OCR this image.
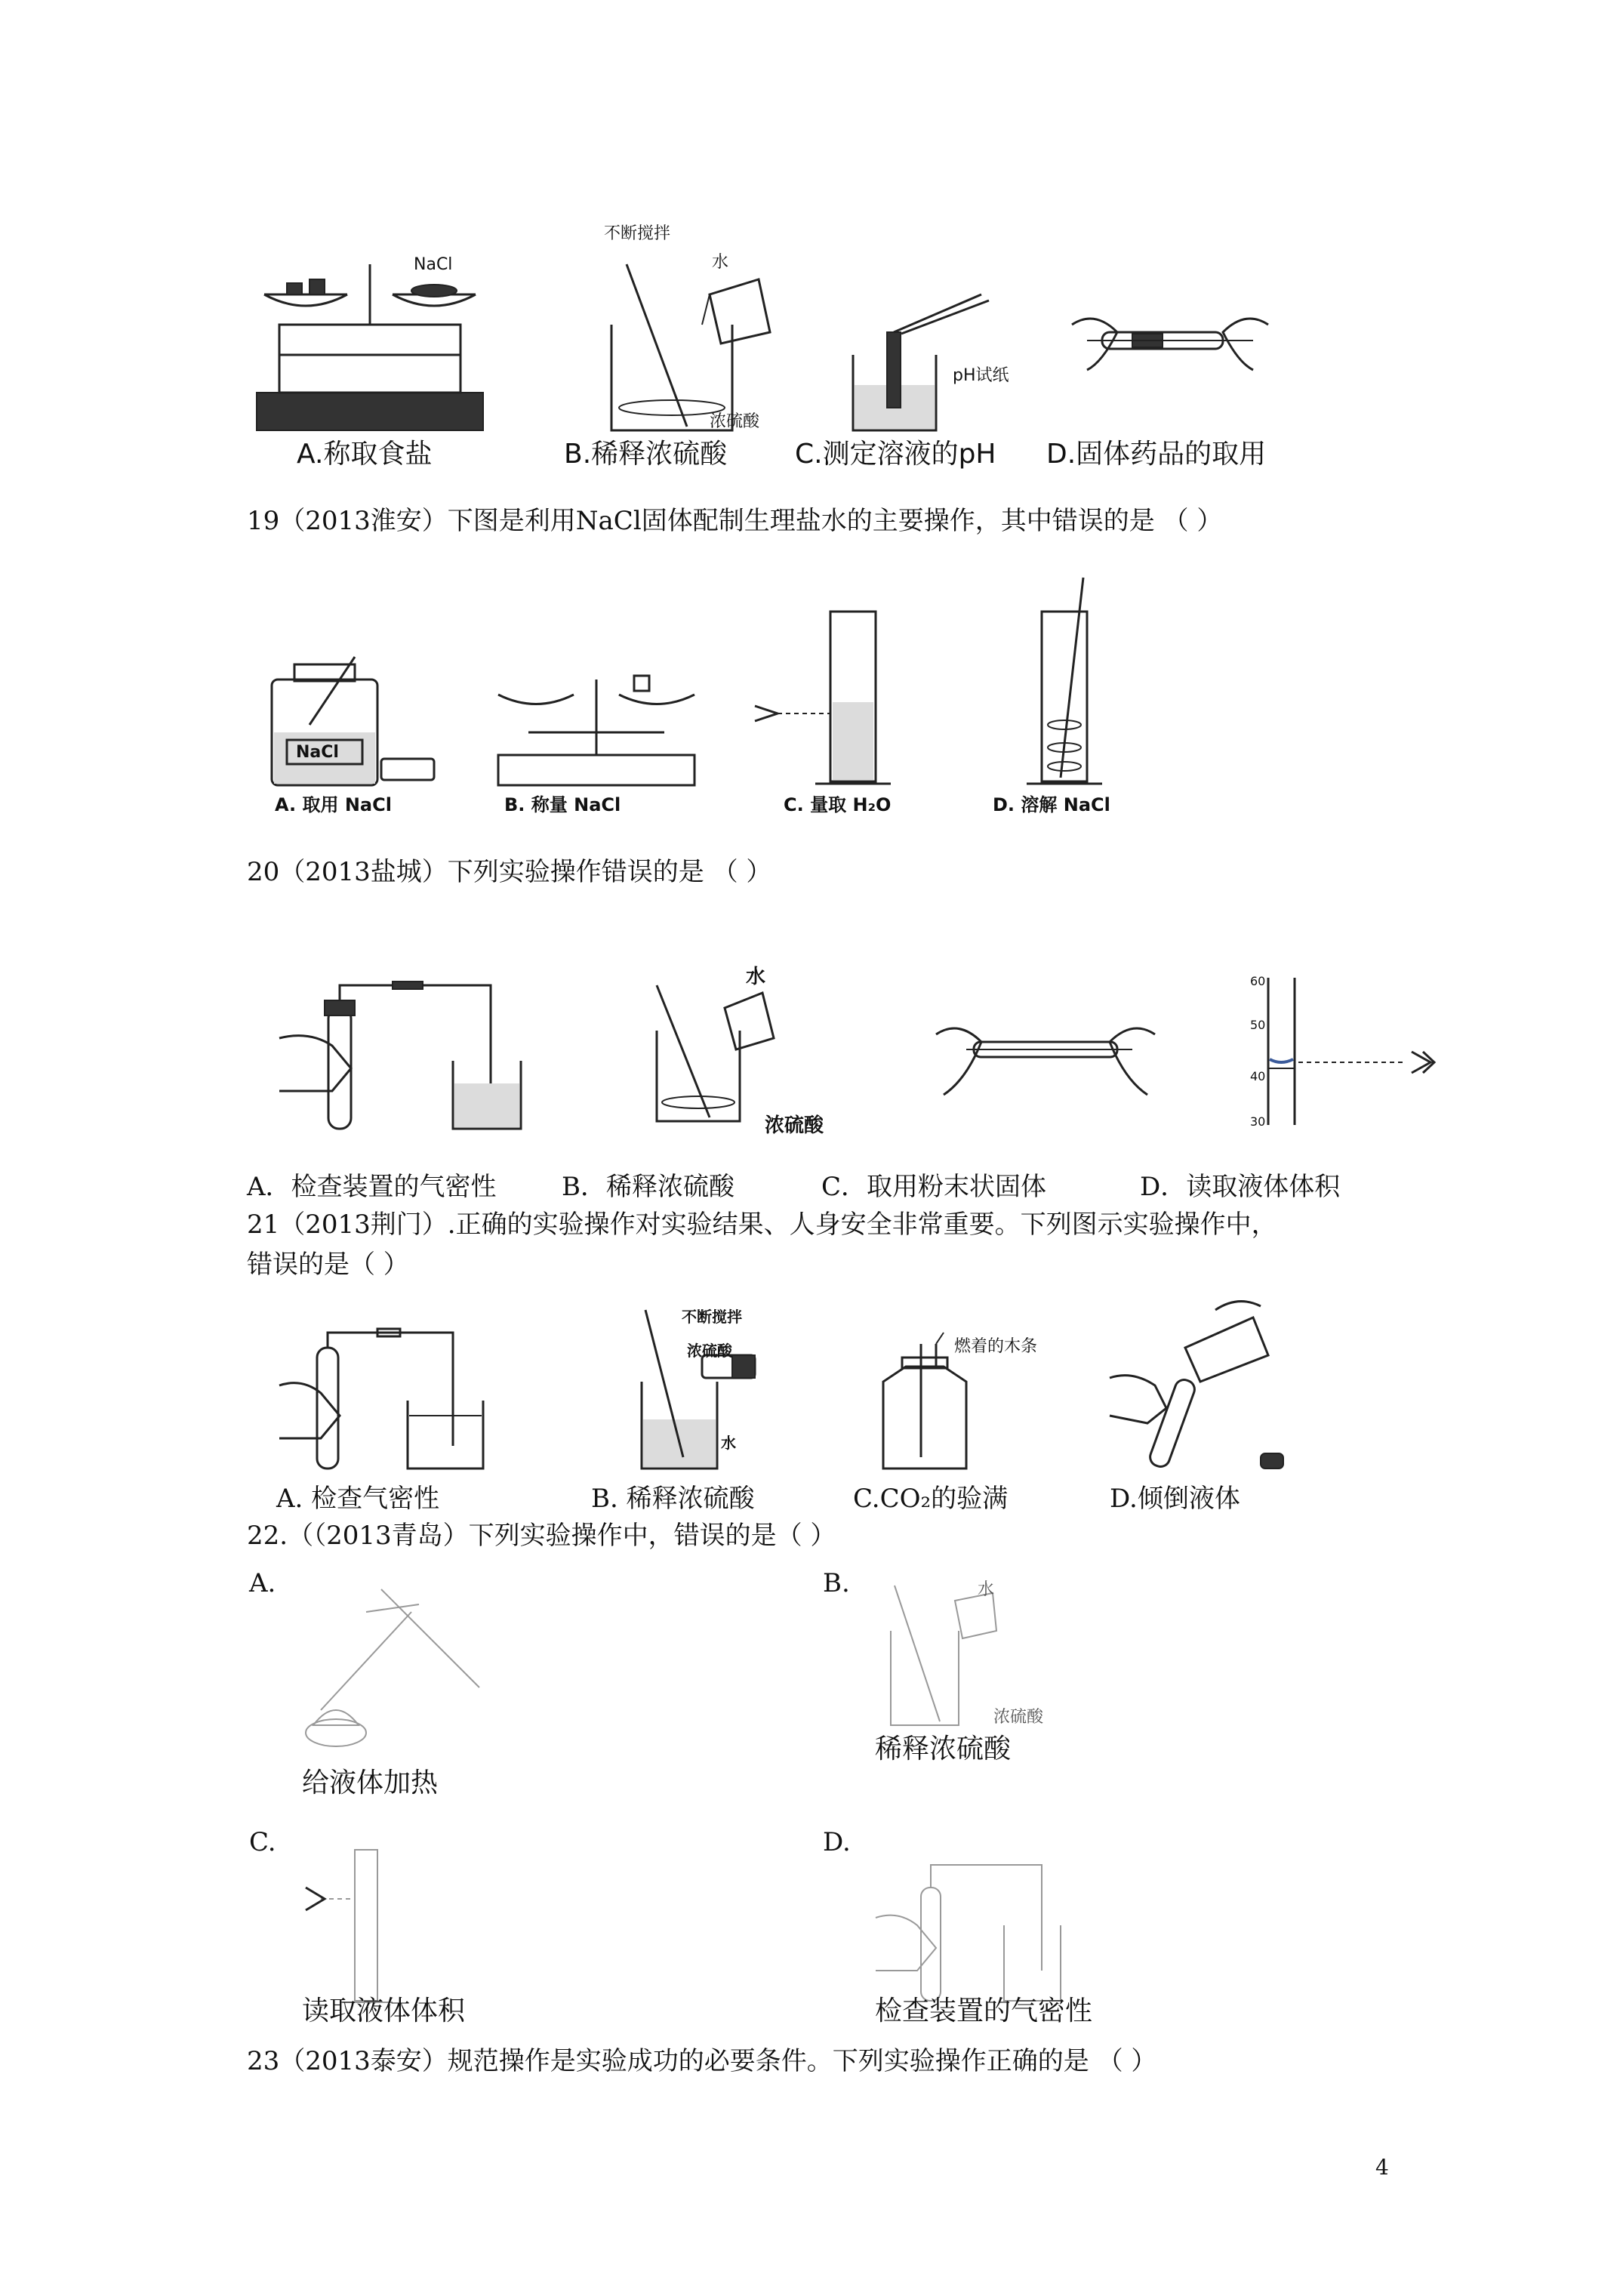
NaCl
不断搅拌
水
浓硫酸
pH试纸
A.称取食盐	B.稀释浓硫酸 C.测定溶液的pH D.固体药品的取用
19（2013淮安）下图是利用NaCl固体配制生理盐水的主要操作，其中错误的是 （ ）
NaCl
A. 取用 NaCl	B. 称量 NaCl	C. 量取 H₂O	D. 溶解 NaCl
20（2013盐城）下列实验操作错误的是 （ ）
水
浓硫酸
60
50
40
30
A．检查装置的气密性	B．稀释浓硫酸	C．取用粉末状固体	D．读取液体体积
21（2013荆门）.正确的实验操作对实验结果、人身安全非常重要。下列图示实验操作中，
错误的是（ ）
不断搅拌
浓硫酸
水
燃着的木条
A. 检查气密性	B. 稀释浓硫酸	C.CO₂的验满	D.倾倒液体
22.（（2013青岛）下列实验操作中，错误的是（ ）
A.	B.
C.	D.
水
浓硫酸
给液体加热
稀释浓硫酸
读取液体体积	检查装置的气密性
23（2013泰安）规范操作是实验成功的必要条件。下列实验操作正确的是 （ ）
4
